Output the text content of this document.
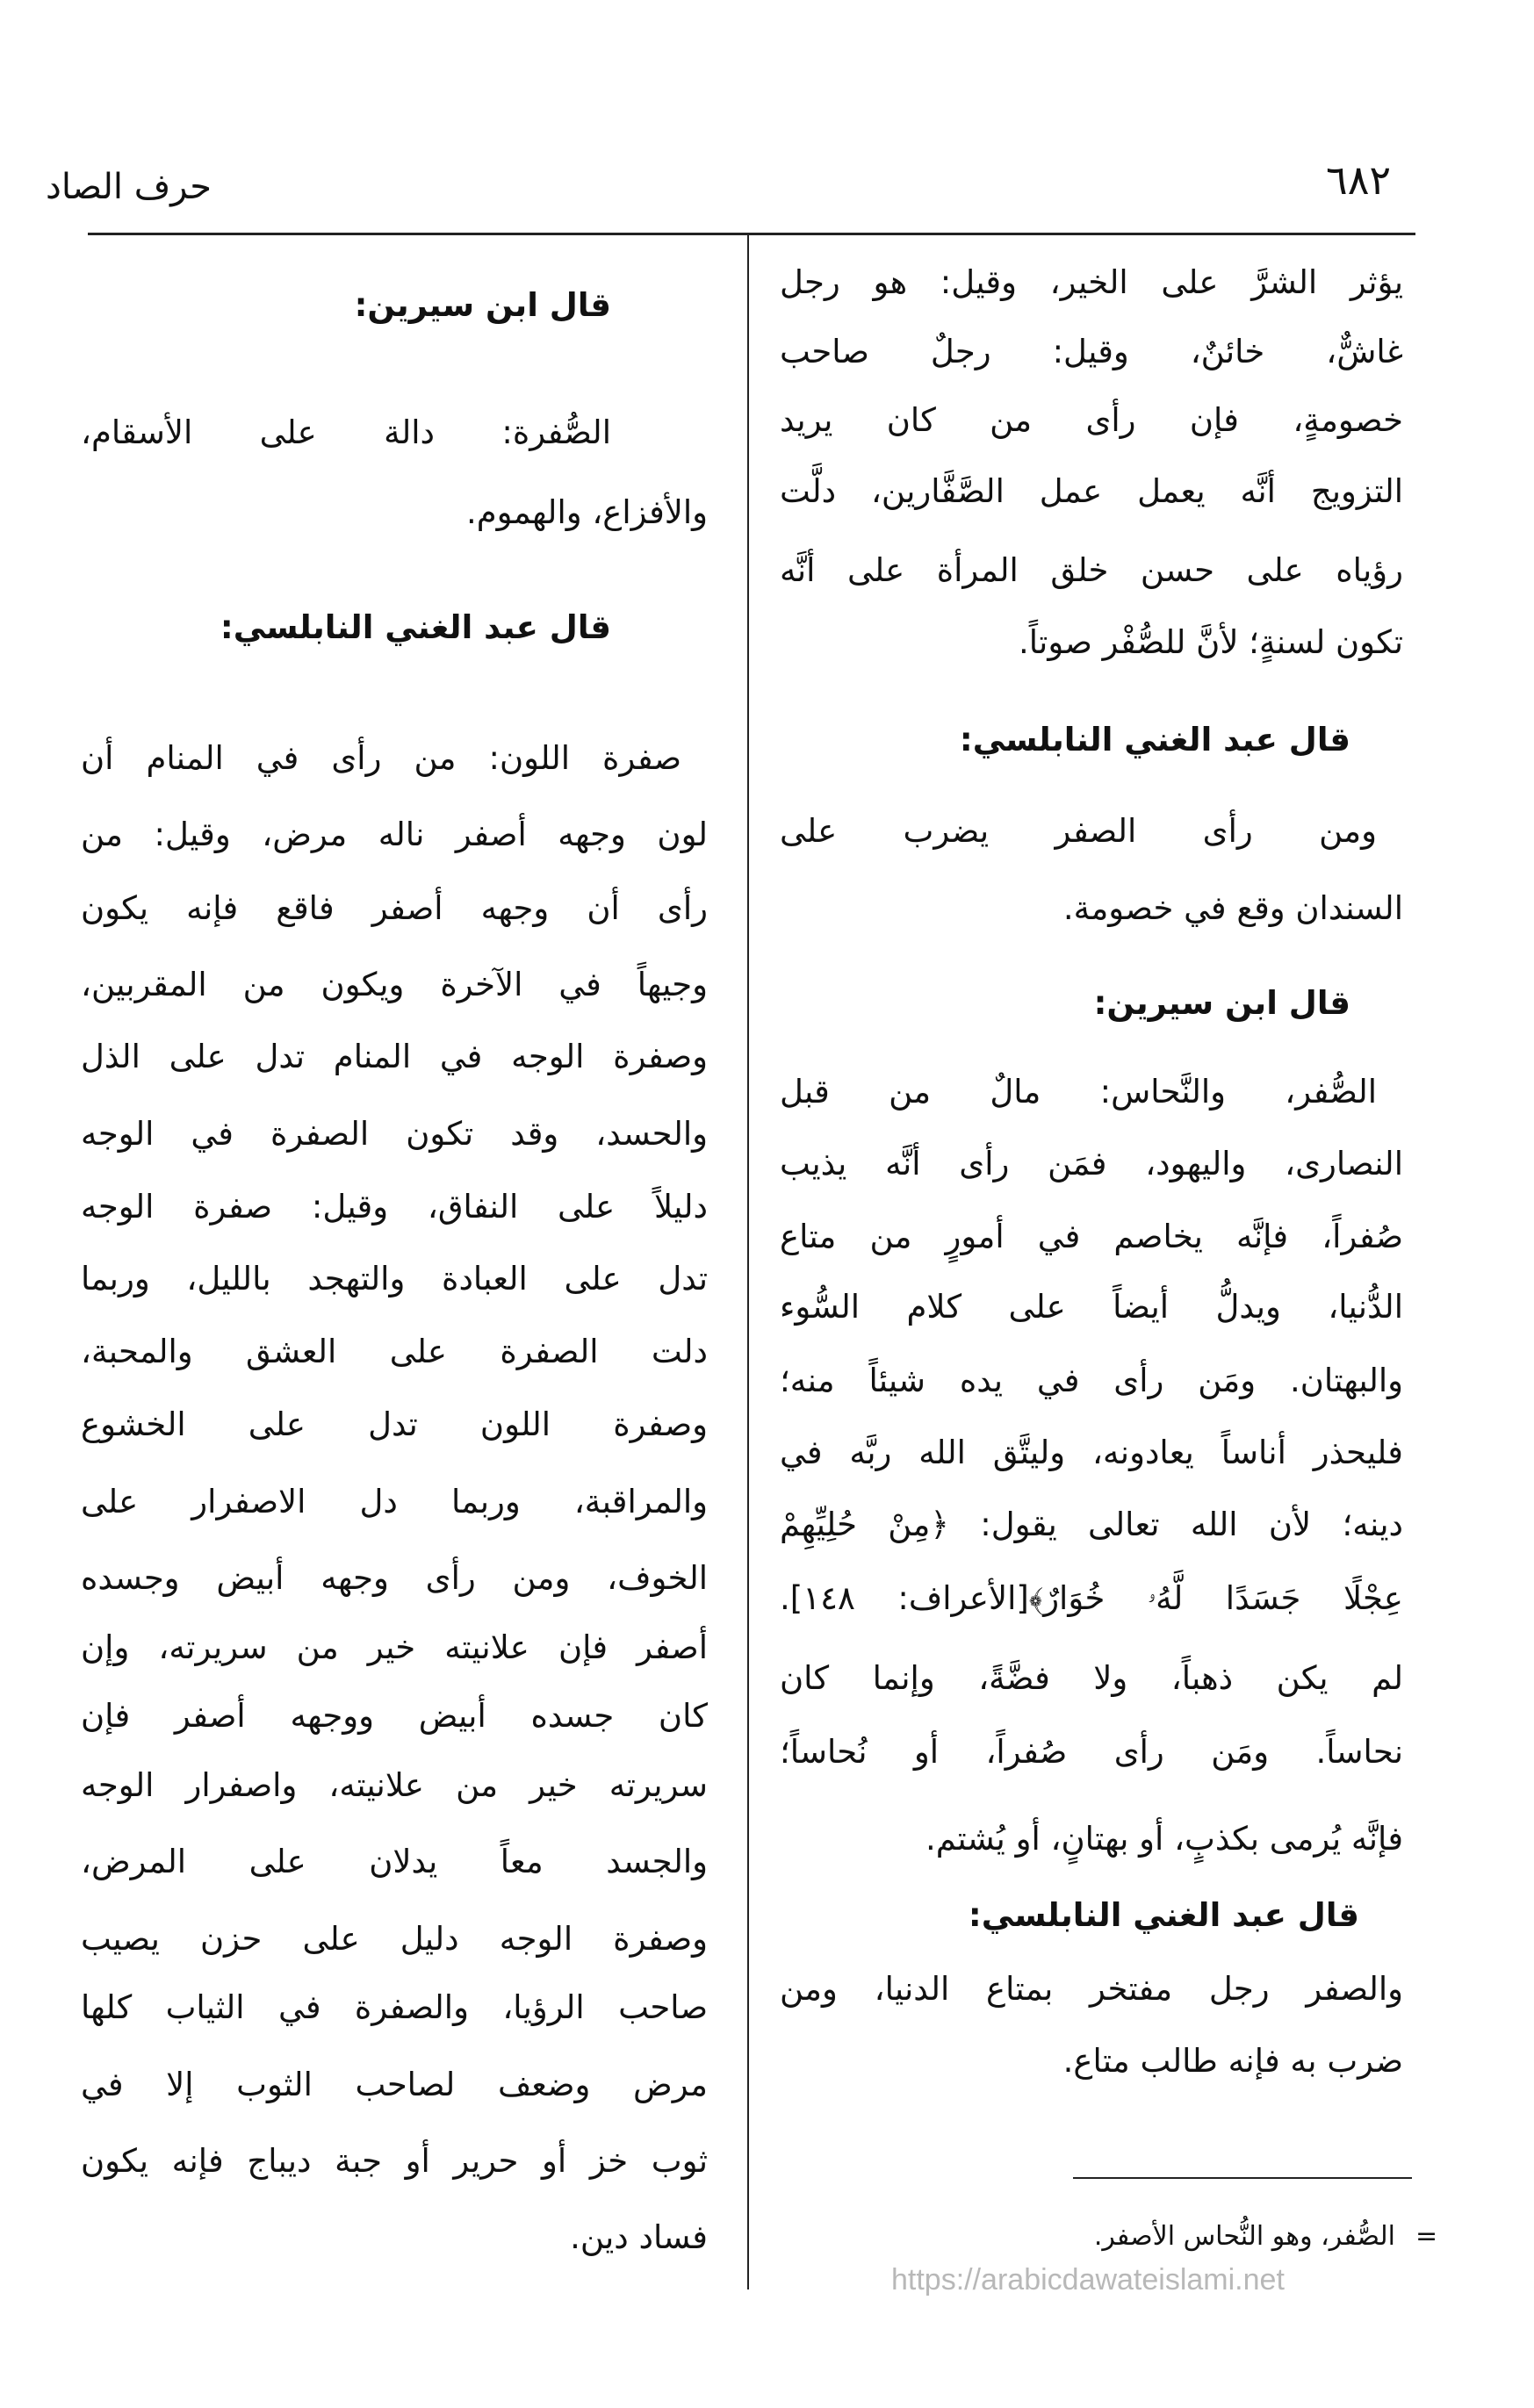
٦٨٢
حرف الصاد
يؤثر الشرَّ على الخير، وقيل: هو رجل
غاشٌّ، خائنٌ، وقيل: رجلٌ صاحب
خصومةٍ، فإن رأى من كان يريد
التزويج أنَّه يعمل عمل الصَّفَّارين، دلَّت
رؤياه على حسن خلق المرأة على أنَّه
تكون لسنةٍ؛ لأنَّ للصُّفْر صوتاً.
قال عبد الغني النابلسي:
ومن رأى الصفر يضرب على
السندان وقع في خصومة.
قال ابن سيرين:
الصُّفر، والنَّحاس: مالٌ من قبل
النصارى، واليهود، فمَن رأى أنَّه يذيب
صُفراً، فإنَّه يخاصم في أمورٍ من متاع
الدُّنيا، ويدلُّ أيضاً على كلام السُّوء
والبهتان. ومَن رأى في يده شيئاً منه؛
فليحذر أناساً يعادونه، وليتَّق الله ربَّه في
دينه؛ لأن الله تعالى يقول: ﴿مِنْ حُلِيِّهِمْ
عِجْلًا جَسَدًا لَّهُۥ خُوَارٌ﴾[الأعراف: ١٤٨].
لم يكن ذهباً، ولا فضَّةً، وإنما كان
نحاساً. ومَن رأى صُفراً، أو نُحاساً؛
فإنَّه يُرمى بكذبٍ، أو بهتانٍ، أو يُشتم.
قال عبد الغني النابلسي:
والصفر رجل مفتخر بمتاع الدنيا، ومن
ضرب به فإنه طالب متاع.
قال ابن سيرين:
الصُّفرة: دالة على الأسقام،
والأفزاع، والهموم.
قال عبد الغني النابلسي:
صفرة اللون: من رأى في المنام أن
لون وجهه أصفر ناله مرض، وقيل: من
رأى أن وجهه أصفر فاقع فإنه يكون
وجيهاً في الآخرة ويكون من المقربين،
وصفرة الوجه في المنام تدل على الذل
والحسد، وقد تكون الصفرة في الوجه
دليلاً على النفاق، وقيل: صفرة الوجه
تدل على العبادة والتهجد بالليل، وربما
دلت الصفرة على العشق والمحبة،
وصفرة اللون تدل على الخشوع
والمراقبة، وربما دل الاصفرار على
الخوف، ومن رأى وجهه أبيض وجسده
أصفر فإن علانيته خير من سريرته، وإن
كان جسده أبيض ووجهه أصفر فإن
سريرته خير من علانيته، واصفرار الوجه
والجسد معاً يدلان على المرض،
وصفرة الوجه دليل على حزن يصيب
صاحب الرؤيا، والصفرة في الثياب كلها
مرض وضعف لصاحب الثوب إلا في
ثوب خز أو حرير أو جبة ديباج فإنه يكون
فساد دين.	=
الصُّفر، وهو النُّحاس الأصفر.
https://arabicdawateislami.net
